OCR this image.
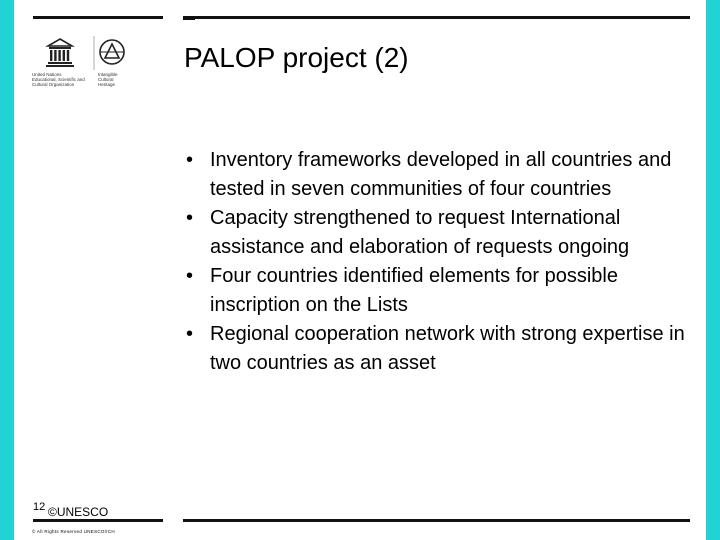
United Nations
Educational, Scientific and
Cultural Organization
Intangible
Cultural
Heritage
PALOP project (2)
• Inventory frameworks developed in all countries and tested in seven communities of four countries
• Capacity strengthened to request International assistance and elaboration of requests ongoing
• Four countries identified elements for possible inscription on the Lists
• Regional cooperation network with strong expertise in two countries as an asset
12 ©UNESCO
© All Rights Reserved UNESCO/ICH
